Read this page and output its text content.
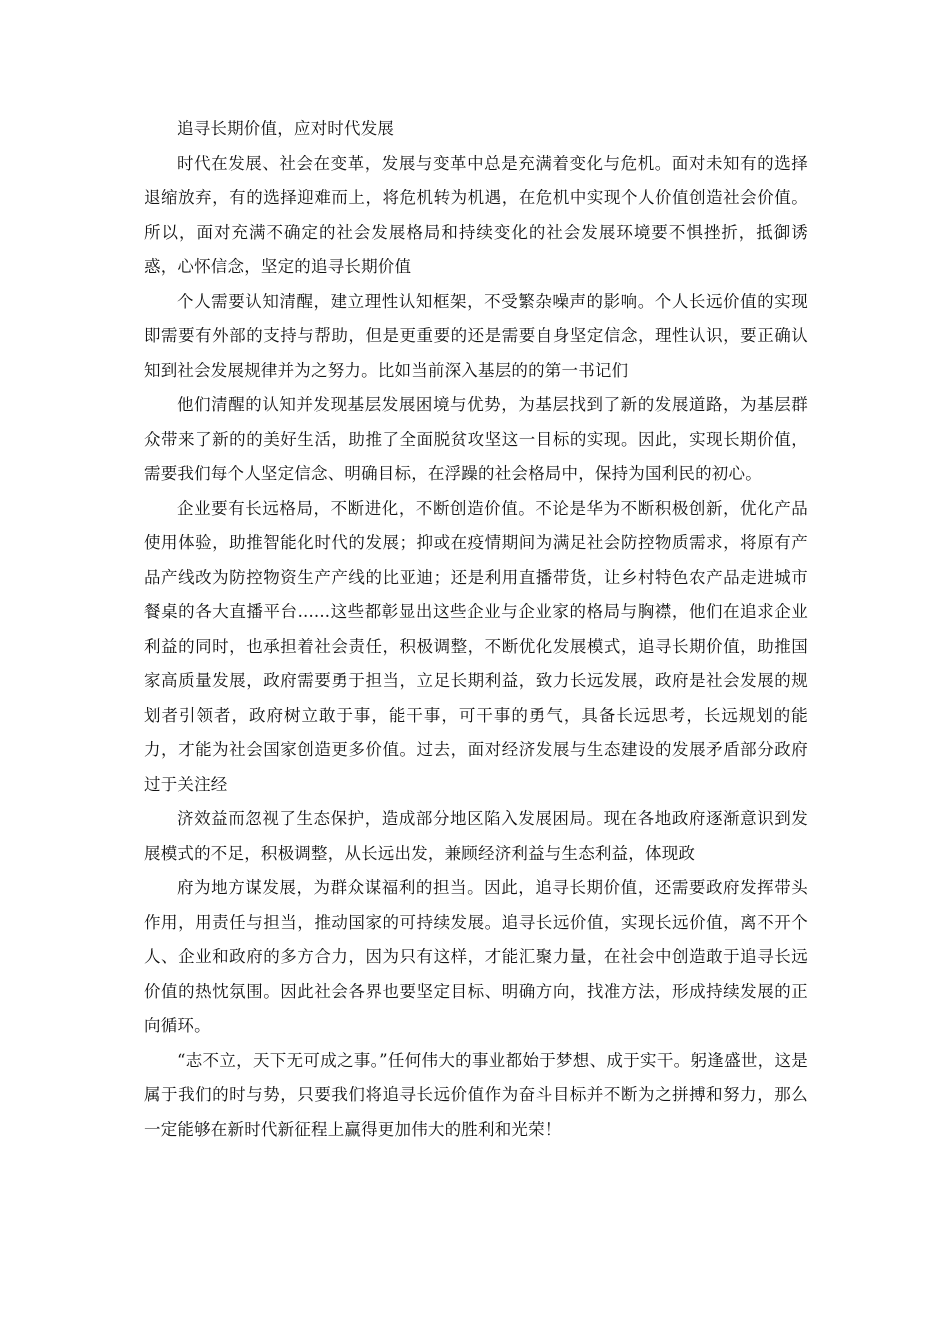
追寻长期价值，应对时代发展

时代在发展、社会在变革，发展与变革中总是充满着变化与危机。面对未知有的选择退缩放弃，有的选择迎难而上，将危机转为机遇，在危机中实现个人价值创造社会价值。所以，面对充满不确定的社会发展格局和持续变化的社会发展环境要不惧挫折，抵御诱惑，心怀信念，坚定的追寻长期价值

个人需要认知清醒，建立理性认知框架，不受繁杂噪声的影响。个人长远价值的实现即需要有外部的支持与帮助，但是更重要的还是需要自身坚定信念，理性认识，要正确认知到社会发展规律并为之努力。比如当前深入基层的的第一书记们

他们清醒的认知并发现基层发展困境与优势，为基层找到了新的发展道路，为基层群众带来了新的的美好生活，助推了全面脱贫攻坚这一目标的实现。因此，实现长期价值，需要我们每个人坚定信念、明确目标，在浮躁的社会格局中，保持为国利民的初心。

企业要有长远格局，不断进化，不断创造价值。不论是华为不断积极创新，优化产品使用体验，助推智能化时代的发展；抑或在疫情期间为满足社会防控物质需求，将原有产品产线改为防控物资生产产线的比亚迪；还是利用直播带货，让乡村特色农产品走进城市餐桌的各大直播平台......这些都彰显出这些企业与企业家的格局与胸襟，他们在追求企业利益的同时，也承担着社会责任，积极调整，不断优化发展模式，追寻长期价值，助推国家高质量发展，政府需要勇于担当，立足长期利益，致力长远发展，政府是社会发展的规划者引领者，政府树立敢于事，能干事，可干事的勇气，具备长远思考，长远规划的能力，才能为社会国家创造更多价值。过去，面对经济发展与生态建设的发展矛盾部分政府过于关注经

济效益而忽视了生态保护，造成部分地区陷入发展困局。现在各地政府逐渐意识到发展模式的不足，积极调整，从长远出发，兼顾经济利益与生态利益，体现政

府为地方谋发展，为群众谋福利的担当。因此，追寻长期价值，还需要政府发挥带头作用，用责任与担当，推动国家的可持续发展。追寻长远价值，实现长远价值，离不开个人、企业和政府的多方合力，因为只有这样，才能汇聚力量，在社会中创造敢于追寻长远价值的热忱氛围。因此社会各界也要坚定目标、明确方向，找准方法，形成持续发展的正向循环。

“志不立，天下无可成之事。”任何伟大的事业都始于梦想、成于实干。躬逢盛世，这是属于我们的时与势，只要我们将追寻长远价值作为奋斗目标并不断为之拼搏和努力，那么一定能够在新时代新征程上赢得更加伟大的胜利和光荣！
